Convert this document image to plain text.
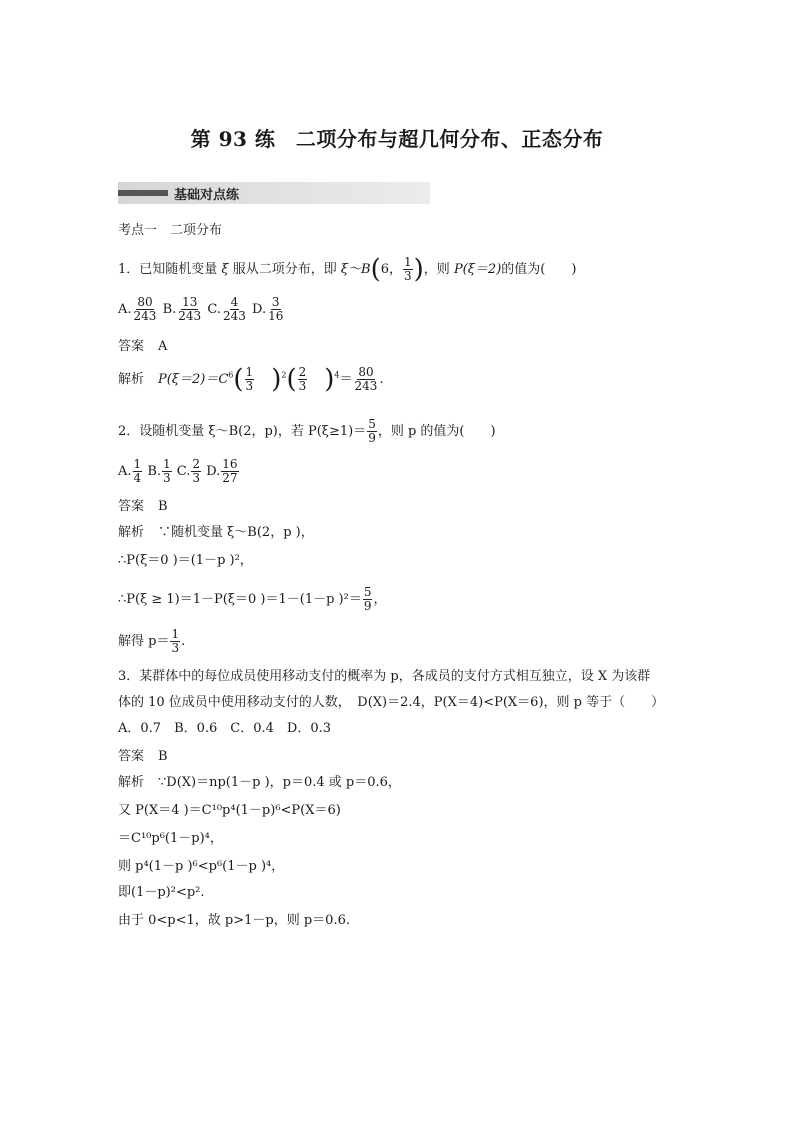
第 93 练　二项分布与超几何分布、正态分布
基础对点练
考点一　二项分布
1．已知随机变量 ξ 服从二项分布，即 ξ～B(6， $\frac{1}{3}$ )，则 P(ξ＝2)的值为(　　)
A. $\frac{80}{243} B$. $\frac{13}{243} C$. $\frac{4}{243} D$. $\frac{3}{16}$
答案 A
解析 $P(\xi=2)=C^6( \frac{1}{3} )^2( \frac{2}{3} )^4= \frac{80}{243}$ .
2．设随机变量 ξ～B(2，p)，若 $P(\xi\ge 1)= \frac{5}{9}$ ，则 p 的值为(　　)
A. $\frac{1}{4} B$. $\frac{1}{3} C$. $\frac{2}{3} D$. $\frac{16}{27}$
答案 B
解析 ∵随机变量 ξ～B(2，p )，
∴P(ξ＝0 )＝(1－p )²，
∴P(ξ ≥ 1)＝1－P(ξ＝0 )＝1－(1－p )$^2= \frac{5}{9}$ ，
解得 $p= \frac{1}{3}$ .
3．某群体中的每位成员使用移动支付的概率为 p，各成员的支付方式相互独立，设 X 为该群
体的 10 位成员中使用移动支付的人数，　D(X)＝2.4，P(X＝4)<P(X＝6)，则 p 等于（　　）
A．0.7　B．0.6　C．0.4　D．0.3
答案 B
解析 ∵D(X)＝np(1－p )，p＝0.4 或 p＝0.6，
又 P(X＝4 )＝C¹⁰p⁴(1－p)⁶<P(X＝6)
＝C¹⁰p⁶(1－p)⁴，
则 p⁴(1－p )⁶<p⁶(1－p )⁴，
即(1－p)²<p².
由于 0<p<1，故 p>1－p，则 p＝0.6.
